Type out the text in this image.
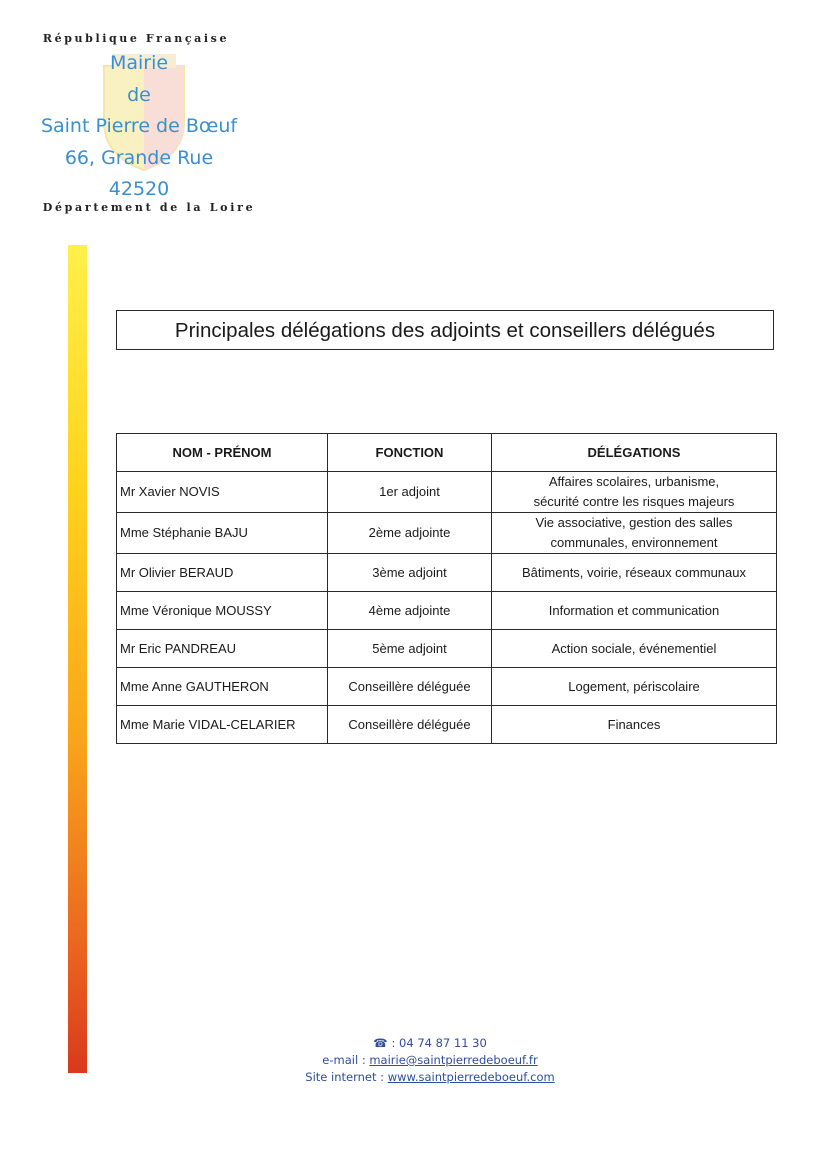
République Française
Mairie
de
Saint Pierre de Bœuf
66, Grande Rue
42520
Département de la Loire
Principales délégations des adjoints et conseillers délégués
NOM - PRÉNOM	FONCTION	DÉLÉGATIONS
Mr Xavier NOVIS	1er adjoint	Affaires scolaires, urbanisme,
sécurité contre les risques majeurs

Mme Stéphanie BAJU	2ème adjointe	Vie associative, gestion des salles
communales, environnement

Mr Olivier BERAUD	3ème adjoint	Bâtiments, voirie, réseaux communaux

Mme Véronique MOUSSY	4ème adjointe	Information et communication

Mr Eric PANDREAU	5ème adjoint	Action sociale, événementiel

Mme Anne GAUTHERON	Conseillère déléguée	Logement, périscolaire

Mme Marie VIDAL-CELARIER	Conseillère déléguée	Finances
☎ : 04 74 87 11 30
e-mail : mairie@saintpierredeboeuf.fr
Site internet : www.saintpierredeboeuf.com
